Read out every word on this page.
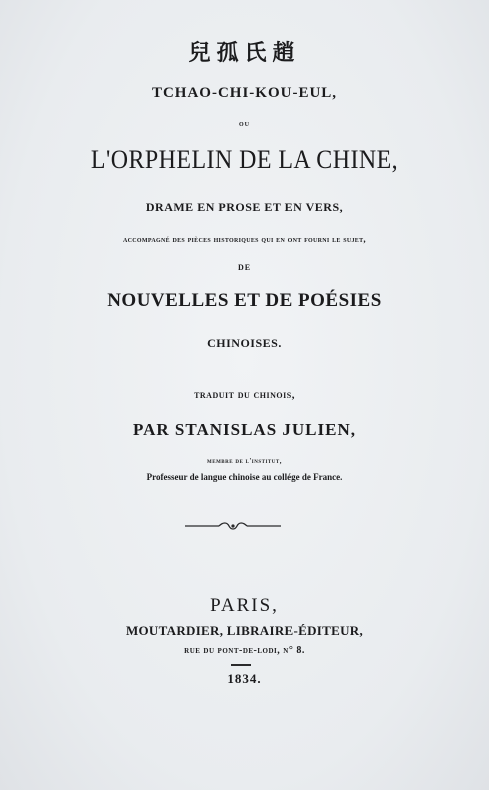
兒孤氏趙
TCHAO-CHI-KOU-EUL,
ou
L'ORPHELIN DE LA CHINE,
DRAME EN PROSE ET EN VERS,
accompagné des pièces historiques qui en ont fourni le sujet,
DE
NOUVELLES ET DE POÉSIES
CHINOISES.
traduit du chinois,
PAR STANISLAS JULIEN,
membre de l'institut,
Professeur de langue chinoise au collége de France.
PARIS,
MOUTARDIER, LIBRAIRE-ÉDITEUR,
rue du pont-de-lodi, n° 8.
1834.
